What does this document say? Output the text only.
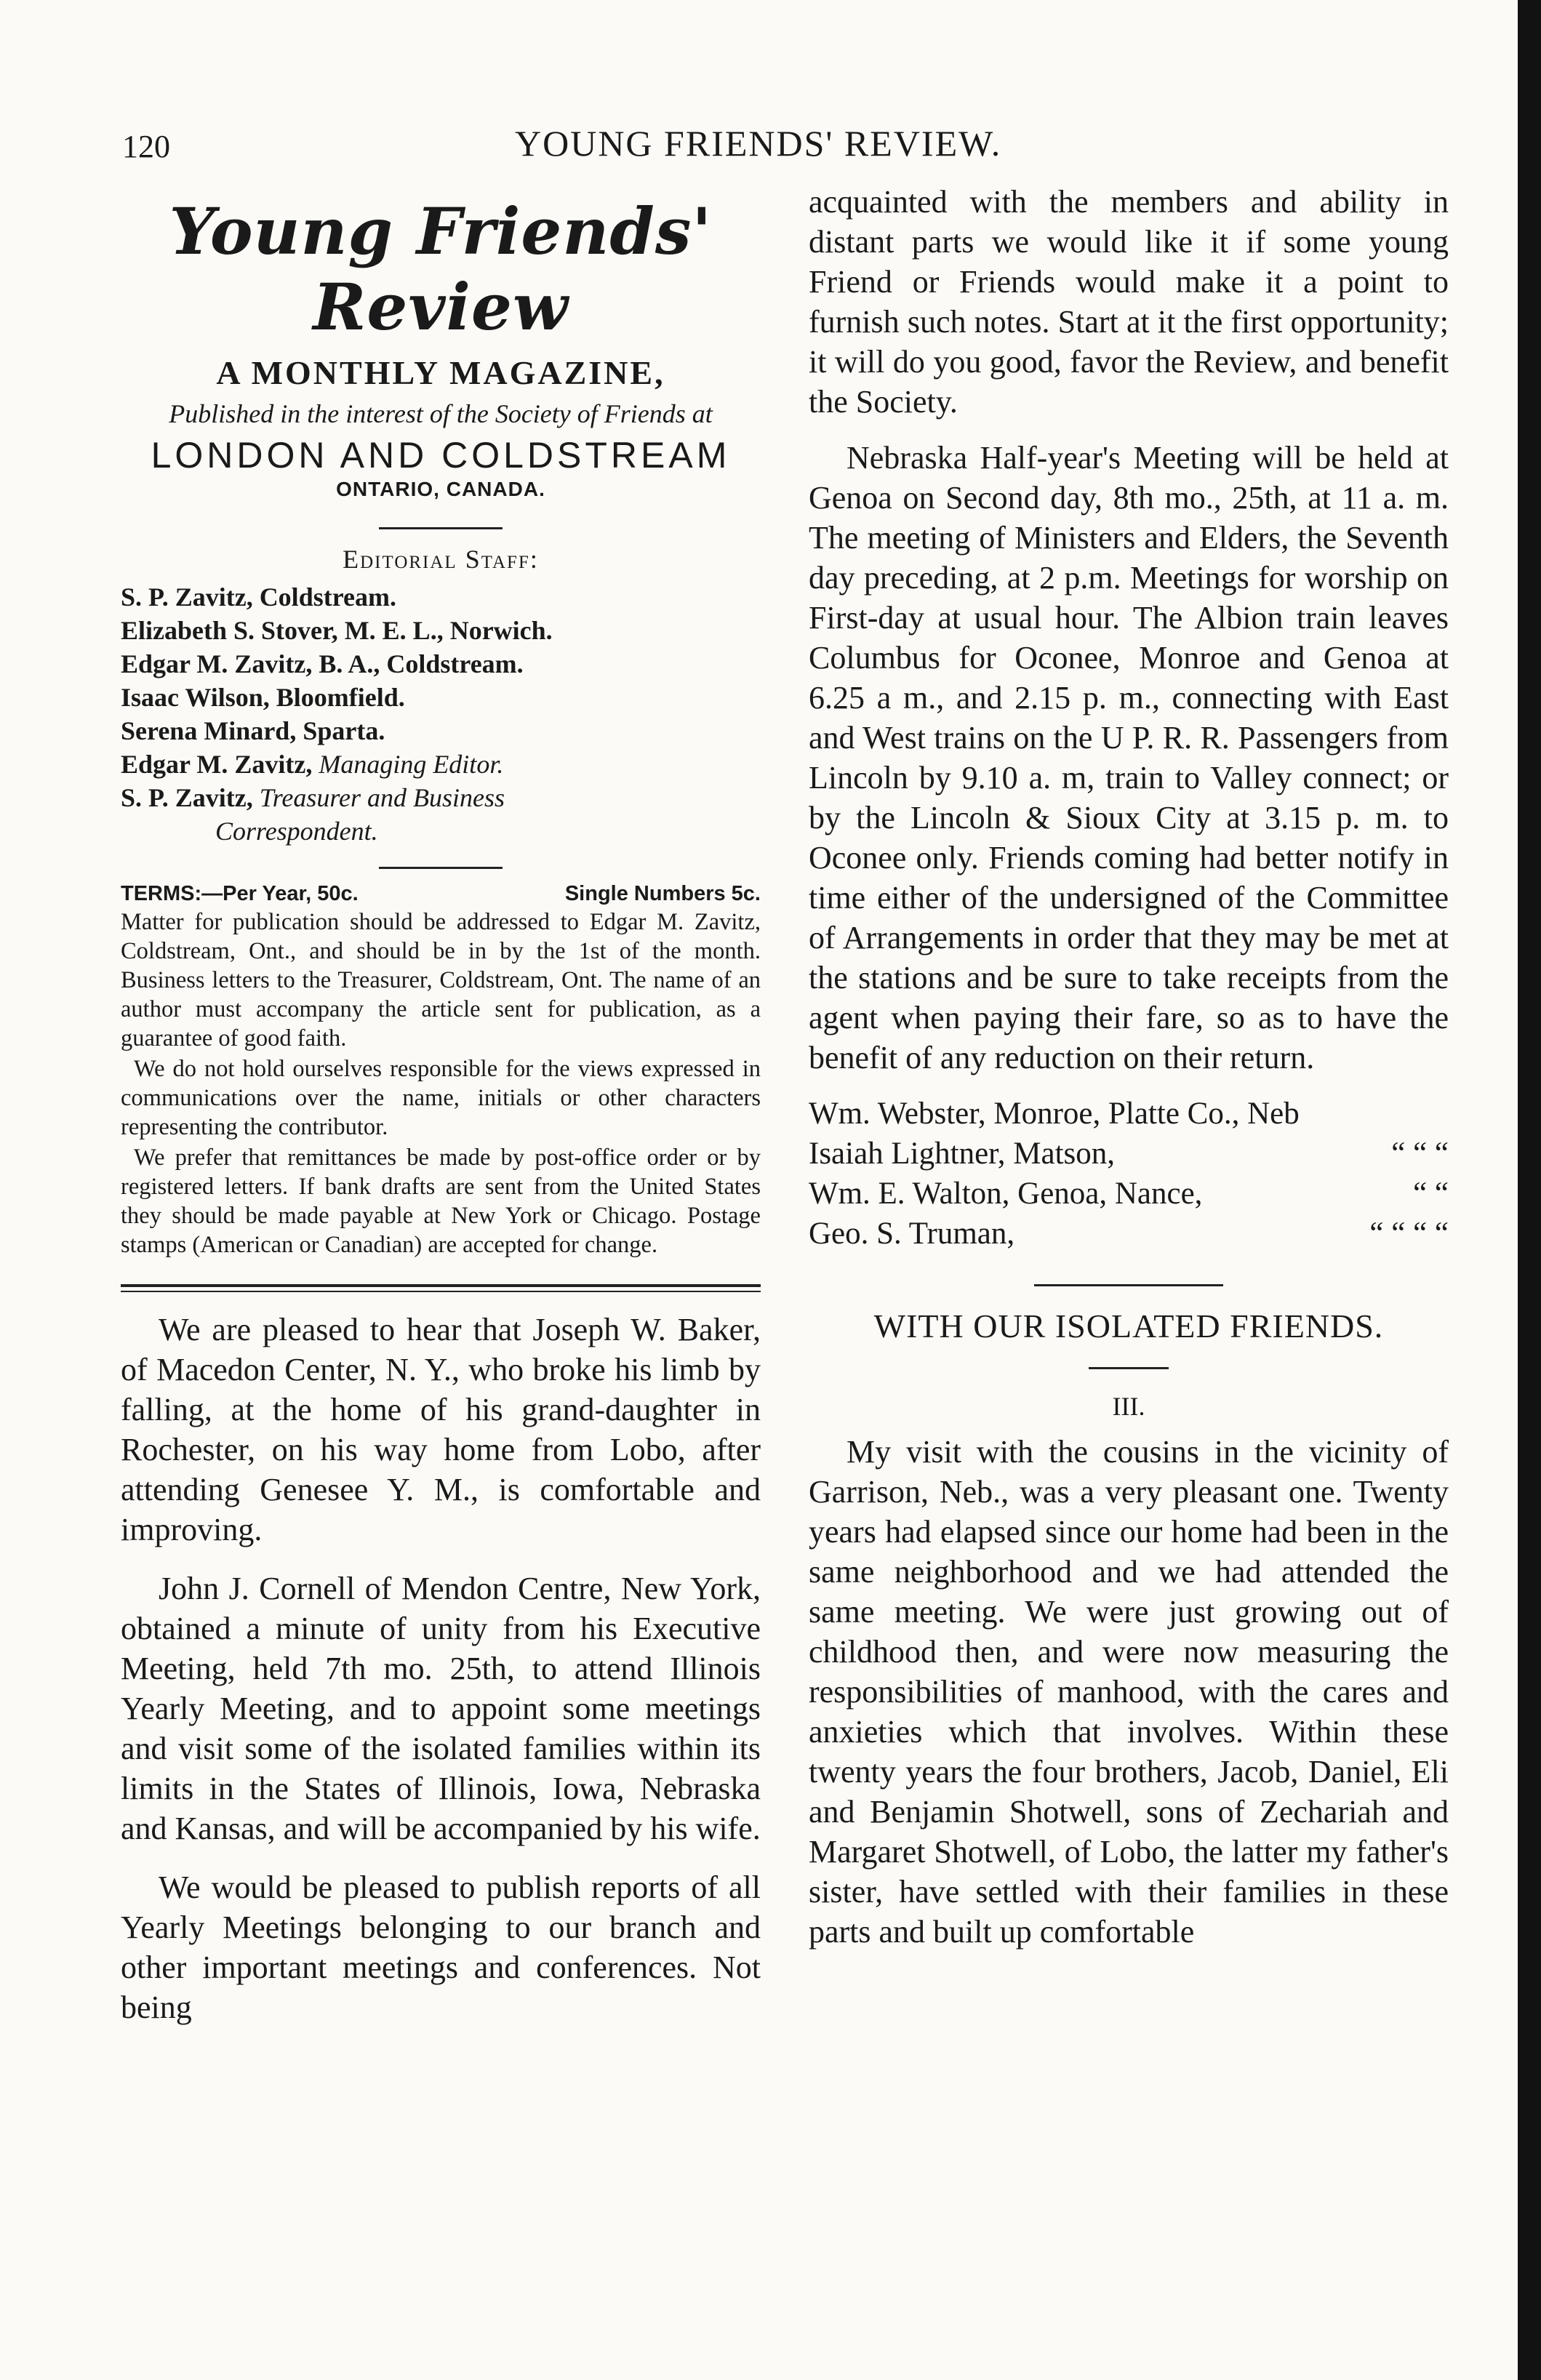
120	YOUNG FRIENDS' REVIEW.
Young Friends' Review
A MONTHLY MAGAZINE,
Published in the interest of the Society of Friends at
LONDON AND COLDSTREAM
ONTARIO, CANADA.
Editorial Staff:
S. P. Zavitz, Coldstream.
Elizabeth S. Stover, M. E. L., Norwich.
Edgar M. Zavitz, B. A., Coldstream.
Isaac Wilson, Bloomfield.
Serena Minard, Sparta.
Edgar M. Zavitz, Managing Editor.
S. P. Zavitz, Treasurer and Business
Correspondent.
TERMS:—Per Year, 50c.	Single Numbers 5c.

Matter for publication should be addressed to Edgar M. Zavitz, Coldstream, Ont., and should be in by the 1st of the month. Business letters to the Treasurer, Coldstream, Ont. The name of an author must accompany the article sent for publication, as a guarantee of good faith.

We do not hold ourselves responsible for the views expressed in communications over the name, initials or other characters representing the contributor.

We prefer that remittances be made by post-office order or by registered letters. If bank drafts are sent from the United States they should be made payable at New York or Chicago. Postage stamps (American or Canadian) are accepted for change.

We are pleased to hear that Joseph W. Baker, of Macedon Center, N. Y., who broke his limb by falling, at the home of his grand-daughter in Rochester, on his way home from Lobo, after attending Genesee Y. M., is comfortable and improving.

John J. Cornell of Mendon Centre, New York, obtained a minute of unity from his Executive Meeting, held 7th mo. 25th, to attend Illinois Yearly Meeting, and to appoint some meetings and visit some of the isolated families within its limits in the States of Illinois, Iowa, Nebraska and Kansas, and will be accompanied by his wife.

We would be pleased to publish reports of all Yearly Meetings belonging to our branch and other important meetings and conferences. Not being

acquainted with the members and ability in distant parts we would like it if some young Friend or Friends would make it a point to furnish such notes. Start at it the first opportunity; it will do you good, favor the Review, and benefit the Society.

Nebraska Half-year's Meeting will be held at Genoa on Second day, 8th mo., 25th, at 11 a. m. The meeting of Ministers and Elders, the Seventh day preceding, at 2 p.m. Meetings for worship on First-day at usual hour. The Albion train leaves Columbus for Oconee, Monroe and Genoa at 6.25 a m., and 2.15 p. m., connecting with East and West trains on the U P. R. R. Passengers from Lincoln by 9.10 a. m, train to Valley connect; or by the Lincoln & Sioux City at 3.15 p. m. to Oconee only. Friends coming had better notify in time either of the undersigned of the Committee of Arrangements in order that they may be met at the stations and be sure to take receipts from the agent when paying their fare, so as to have the benefit of any reduction on their return.

Wm. Webster, Monroe, Platte Co., Neb
Isaiah Lightner, Matson,	“ “ “
Wm. E. Walton, Genoa, Nance,	“ “
Geo. S. Truman,	“ “ “ “
WITH OUR ISOLATED FRIENDS.
III.

My visit with the cousins in the vicinity of Garrison, Neb., was a very pleasant one. Twenty years had elapsed since our home had been in the same neighborhood and we had attended the same meeting. We were just growing out of childhood then, and were now measuring the responsibilities of manhood, with the cares and anxieties which that involves. Within these twenty years the four brothers, Jacob, Daniel, Eli and Benjamin Shotwell, sons of Zechariah and Margaret Shotwell, of Lobo, the latter my father's sister, have settled with their families in these parts and built up comfortable
